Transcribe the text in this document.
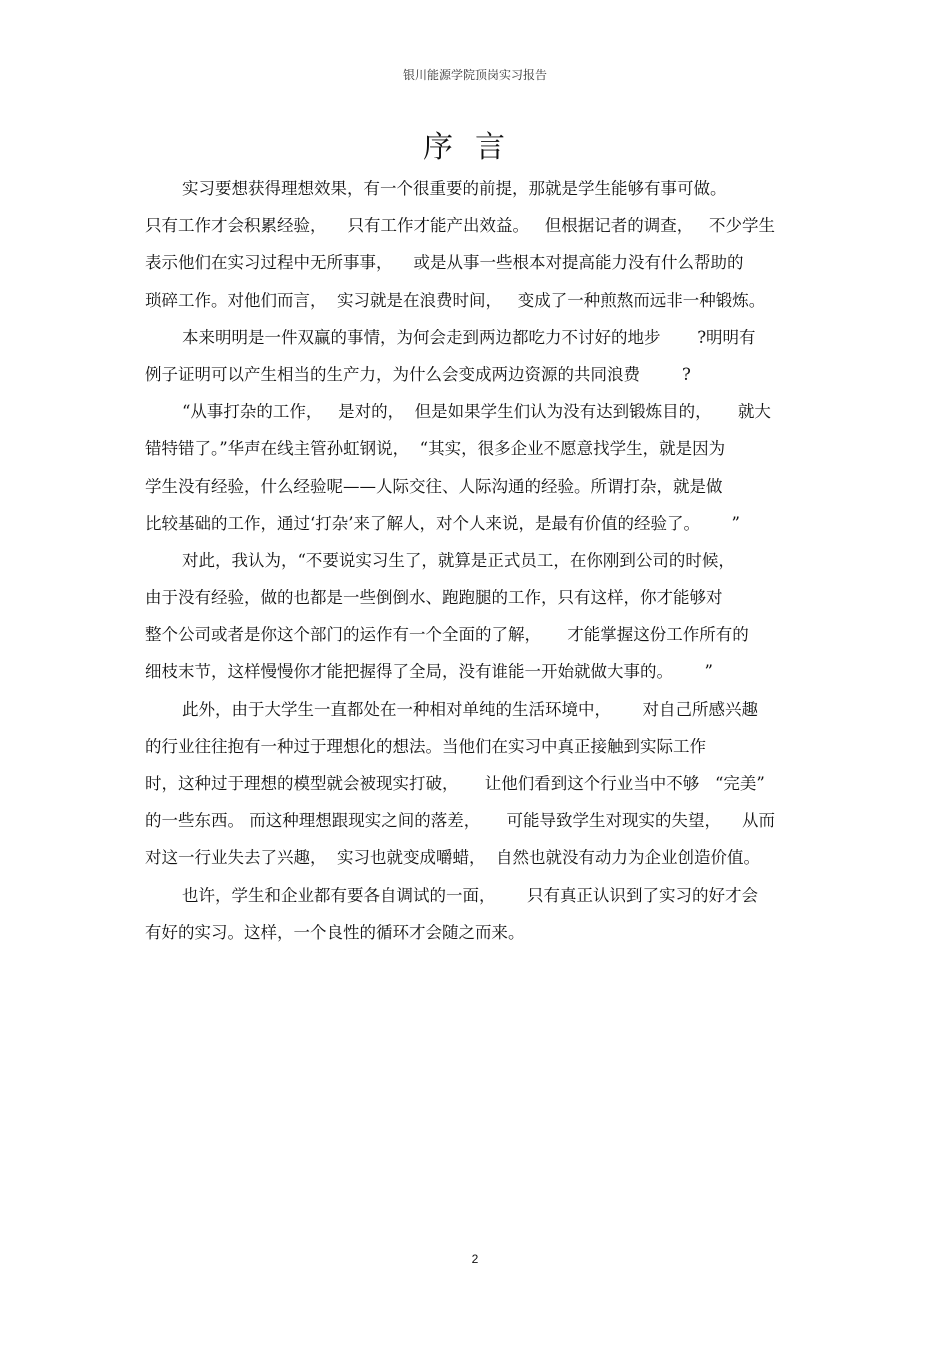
银川能源学院顶岗实习报告
序言
实习要想获得理想效果，有一个很重要的前提，那就是学生能够有事可做。
只有工作才会积累经验，    只有工作才能产出效益。   但根据记者的调查，   不少学生
表示他们在实习过程中无所事事，    或是从事一些根本对提高能力没有什么帮助的
琐碎工作。对他们而言，  实习就是在浪费时间，   变成了一种煎熬而远非一种锻炼。
本来明明是一件双赢的事情，为何会走到两边都吃力不讨好的地步       ?明明有
例子证明可以产生相当的生产力，为什么会变成两边资源的共同浪费        ?
“从事打杂的工作，   是对的，  但是如果学生们认为没有达到锻炼目的，     就大
错特错了。”华声在线主管孙虹钢说，  “其实，很多企业不愿意找学生，就是因为
学生没有经验，什么经验呢——人际交往、人际沟通的经验。所谓打杂，就是做
比较基础的工作，通过‘打杂’来了解人，对个人来说，是最有价值的经验了。      ”
对此，我认为，“不要说实习生了，就算是正式员工，在你刚到公司的时候，
由于没有经验，做的也都是一些倒倒水、跑跑腿的工作，只有这样，你才能够对
整个公司或者是你这个部门的运作有一个全面的了解，     才能掌握这份工作所有的
细枝末节，这样慢慢你才能把握得了全局，没有谁能一开始就做大事的。      ”
此外，由于大学生一直都处在一种相对单纯的生活环境中，      对自己所感兴趣
的行业往往抱有一种过于理想化的想法。当他们在实习中真正接触到实际工作
时，这种过于理想的模型就会被现实打破，     让他们看到这个行业当中不够   “完美”
的一些东西。 而这种理想跟现实之间的落差，     可能导致学生对现实的失望，    从而
对这一行业失去了兴趣，  实习也就变成嚼蜡，  自然也就没有动力为企业创造价值。
也许，学生和企业都有要各自调试的一面，      只有真正认识到了实习的好才会
有好的实习。这样，一个良性的循环才会随之而来。
2
